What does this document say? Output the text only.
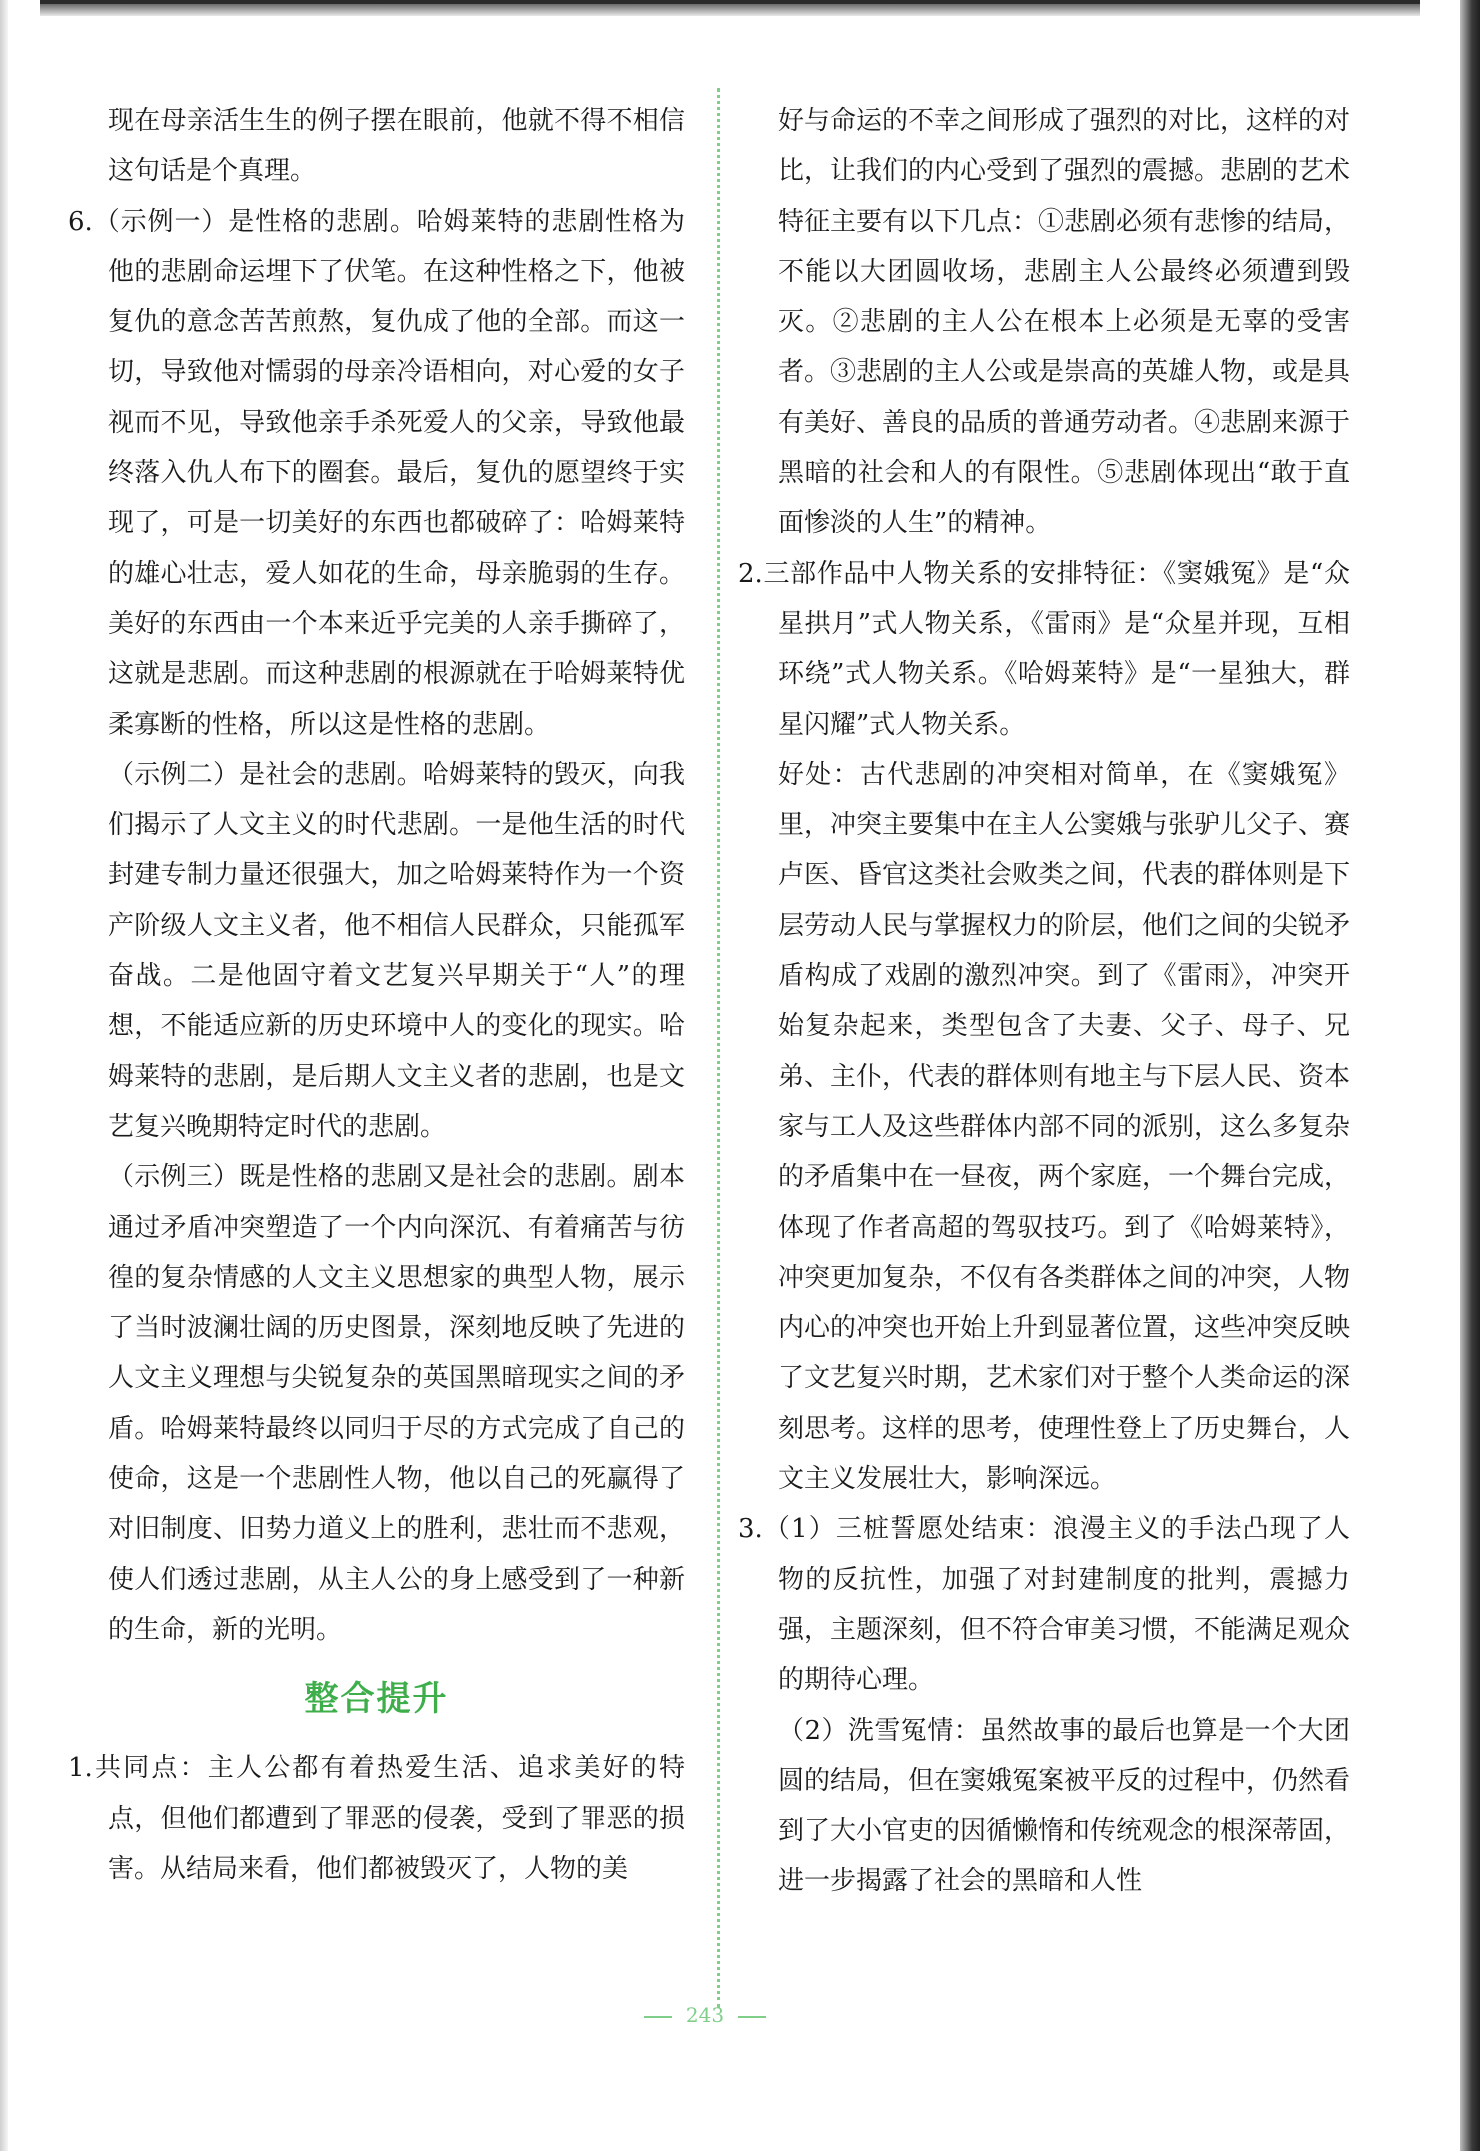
现在母亲活生生的例子摆在眼前，他就不得不相信这句话是个真理。

6.（示例一）是性格的悲剧。哈姆莱特的悲剧性格为他的悲剧命运埋下了伏笔。在这种性格之下，他被复仇的意念苦苦煎熬，复仇成了他的全部。而这一切，导致他对懦弱的母亲冷语相向，对心爱的女子视而不见，导致他亲手杀死爱人的父亲，导致他最终落入仇人布下的圈套。最后，复仇的愿望终于实现了，可是一切美好的东西也都破碎了：哈姆莱特的雄心壮志，爱人如花的生命，母亲脆弱的生存。美好的东西由一个本来近乎完美的人亲手撕碎了，这就是悲剧。而这种悲剧的根源就在于哈姆莱特优柔寡断的性格，所以这是性格的悲剧。

（示例二）是社会的悲剧。哈姆莱特的毁灭，向我们揭示了人文主义的时代悲剧。一是他生活的时代封建专制力量还很强大，加之哈姆莱特作为一个资产阶级人文主义者，他不相信人民群众，只能孤军奋战。二是他固守着文艺复兴早期关于“人”的理想，不能适应新的历史环境中人的变化的现实。哈姆莱特的悲剧，是后期人文主义者的悲剧，也是文艺复兴晚期特定时代的悲剧。

（示例三）既是性格的悲剧又是社会的悲剧。剧本通过矛盾冲突塑造了一个内向深沉、有着痛苦与彷徨的复杂情感的人文主义思想家的典型人物，展示了当时波澜壮阔的历史图景，深刻地反映了先进的人文主义理想与尖锐复杂的英国黑暗现实之间的矛盾。哈姆莱特最终以同归于尽的方式完成了自己的使命，这是一个悲剧性人物，他以自己的死赢得了对旧制度、旧势力道义上的胜利，悲壮而不悲观，使人们透过悲剧，从主人公的身上感受到了一种新的生命，新的光明。

整合提升

1.共同点：主人公都有着热爱生活、追求美好的特点，但他们都遭到了罪恶的侵袭，受到了罪恶的损害。从结局来看，他们都被毁灭了，人物的美

好与命运的不幸之间形成了强烈的对比，这样的对比，让我们的内心受到了强烈的震撼。悲剧的艺术特征主要有以下几点：①悲剧必须有悲惨的结局，不能以大团圆收场，悲剧主人公最终必须遭到毁灭。②悲剧的主人公在根本上必须是无辜的受害者。③悲剧的主人公或是崇高的英雄人物，或是具有美好、善良的品质的普通劳动者。④悲剧来源于黑暗的社会和人的有限性。⑤悲剧体现出“敢于直面惨淡的人生”的精神。

2.三部作品中人物关系的安排特征：《窦娥冤》是“众星拱月”式人物关系，《雷雨》是“众星并现，互相环绕”式人物关系。《哈姆莱特》是“一星独大，群星闪耀”式人物关系。

好处：古代悲剧的冲突相对简单，在《窦娥冤》里，冲突主要集中在主人公窦娥与张驴儿父子、赛卢医、昏官这类社会败类之间，代表的群体则是下层劳动人民与掌握权力的阶层，他们之间的尖锐矛盾构成了戏剧的激烈冲突。到了《雷雨》，冲突开始复杂起来，类型包含了夫妻、父子、母子、兄弟、主仆，代表的群体则有地主与下层人民、资本家与工人及这些群体内部不同的派别，这么多复杂的矛盾集中在一昼夜，两个家庭，一个舞台完成，体现了作者高超的驾驭技巧。到了《哈姆莱特》，冲突更加复杂，不仅有各类群体之间的冲突，人物内心的冲突也开始上升到显著位置，这些冲突反映了文艺复兴时期，艺术家们对于整个人类命运的深刻思考。这样的思考，使理性登上了历史舞台，人文主义发展壮大，影响深远。

3.（1）三桩誓愿处结束：浪漫主义的手法凸现了人物的反抗性，加强了对封建制度的批判，震撼力强，主题深刻，但不符合审美习惯，不能满足观众的期待心理。

（2）洗雪冤情：虽然故事的最后也算是一个大团圆的结局，但在窦娥冤案被平反的过程中，仍然看到了大小官吏的因循懒惰和传统观念的根深蒂固，进一步揭露了社会的黑暗和人性

243
